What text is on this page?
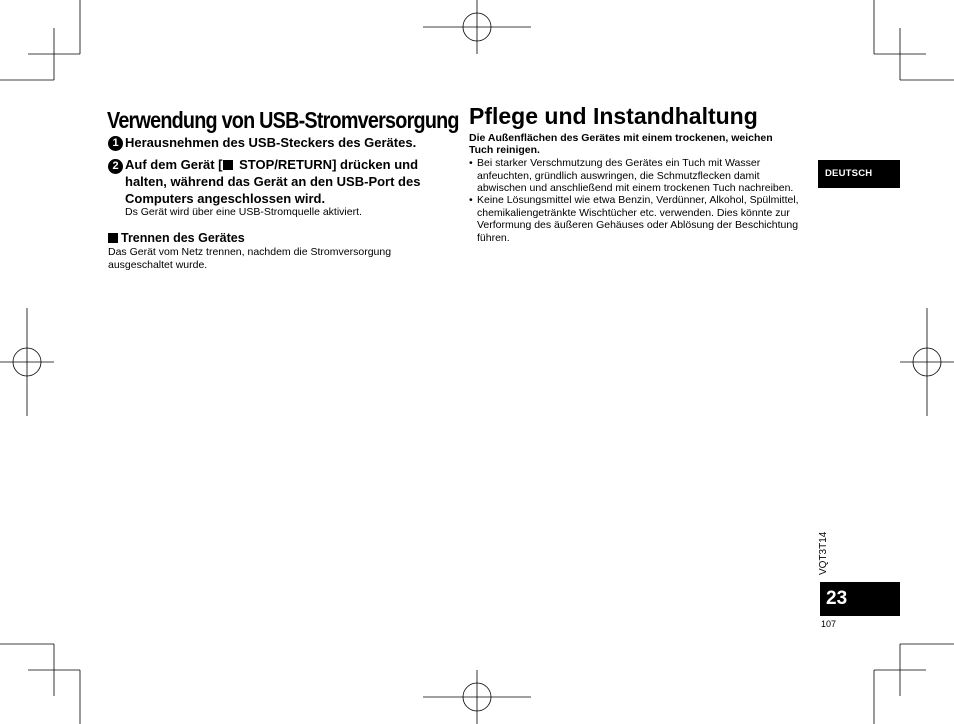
Verwendung von USB-Stromversorgung
1 Herausnehmen des USB-Steckers des Gerätes.
2 Auf dem Gerät [ STOP/RETURN] drücken und
halten, während das Gerät an den USB-Port des
Computers angeschlossen wird.
Ds Gerät wird über eine USB-Stromquelle aktiviert.
Trennen des Gerätes
Das Gerät vom Netz trennen, nachdem die Stromversorgung
ausgeschaltet wurde.
Pflege und Instandhaltung
Die Außenflächen des Gerätes mit einem trockenen, weichen
Tuch reinigen.
• Bei starker Verschmutzung des Gerätes ein Tuch mit Wasser
anfeuchten, gründlich auswringen, die Schmutzflecken damit
abwischen und anschließend mit einem trockenen Tuch nachreiben.
• Keine Lösungsmittel wie etwa Benzin, Verdünner, Alkohol, Spülmittel,
chemikaliengetränkte Wischtücher etc. verwenden. Dies könnte zur
Verformung des äußeren Gehäuses oder Ablösung der Beschichtung
führen.
DEUTSCH
VQT3T14
23
107
